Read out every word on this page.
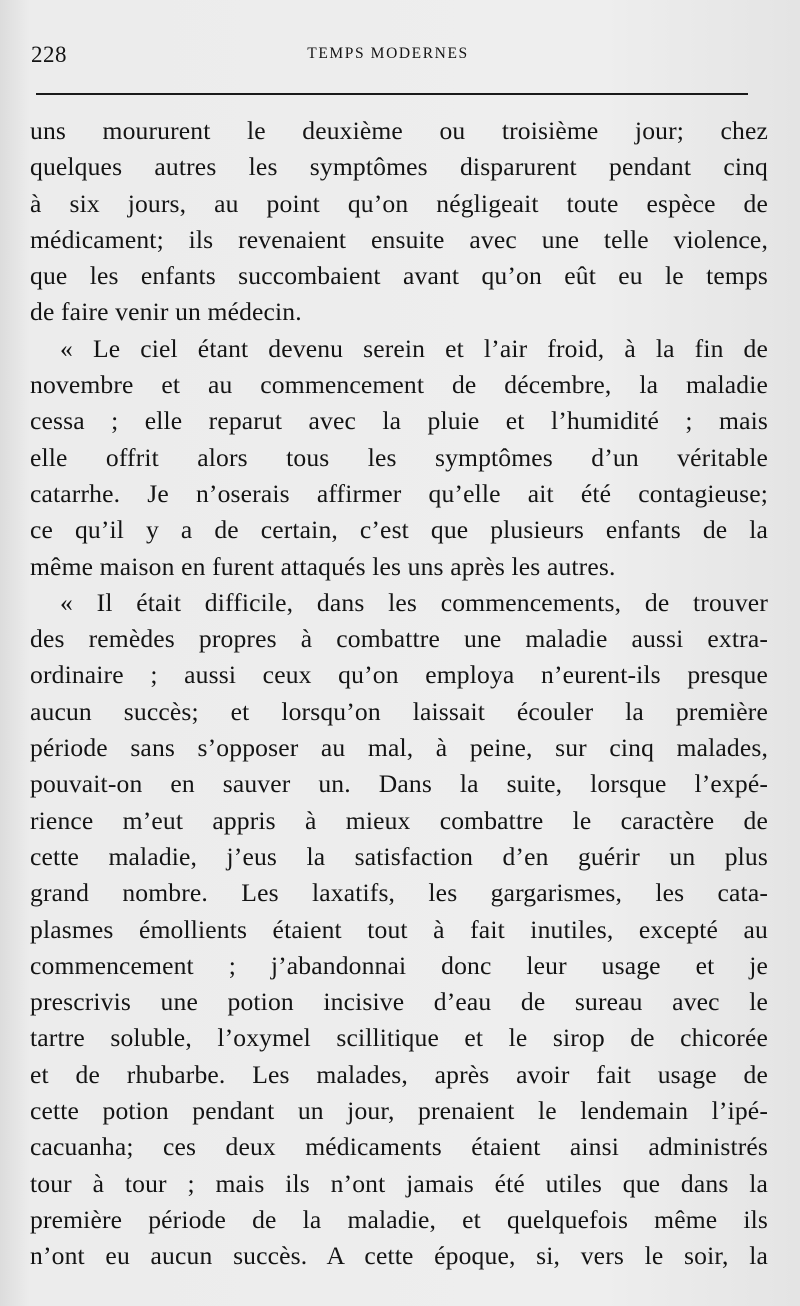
228	TEMPS MODERNES
uns moururent le deuxième ou troisième jour; chez
quelques autres les symptômes disparurent pendant cinq
à six jours, au point qu’on négligeait toute espèce de
médicament; ils revenaient ensuite avec une telle violence,
que les enfants succombaient avant qu’on eût eu le temps
de faire venir un médecin.
« Le ciel étant devenu serein et l’air froid, à la fin de
novembre et au commencement de décembre, la maladie
cessa ; elle reparut avec la pluie et l’humidité ; mais
elle offrit alors tous les symptômes d’un véritable
catarrhe. Je n’oserais affirmer qu’elle ait été contagieuse;
ce qu’il y a de certain, c’est que plusieurs enfants de la
même maison en furent attaqués les uns après les autres.
« Il était difficile, dans les commencements, de trouver
des remèdes propres à combattre une maladie aussi extra-
ordinaire ; aussi ceux qu’on employa n’eurent-ils presque
aucun succès; et lorsqu’on laissait écouler la première
période sans s’opposer au mal, à peine, sur cinq malades,
pouvait-on en sauver un. Dans la suite, lorsque l’expé-
rience m’eut appris à mieux combattre le caractère de
cette maladie, j’eus la satisfaction d’en guérir un plus
grand nombre. Les laxatifs, les gargarismes, les cata-
plasmes émollients étaient tout à fait inutiles, excepté au
commencement ; j’abandonnai donc leur usage et je
prescrivis une potion incisive d’eau de sureau avec le
tartre soluble, l’oxymel scillitique et le sirop de chicorée
et de rhubarbe. Les malades, après avoir fait usage de
cette potion pendant un jour, prenaient le lendemain l’ipé-
cacuanha; ces deux médicaments étaient ainsi administrés
tour à tour ; mais ils n’ont jamais été utiles que dans la
première période de la maladie, et quelquefois même ils
n’ont eu aucun succès. A cette époque, si, vers le soir, la
